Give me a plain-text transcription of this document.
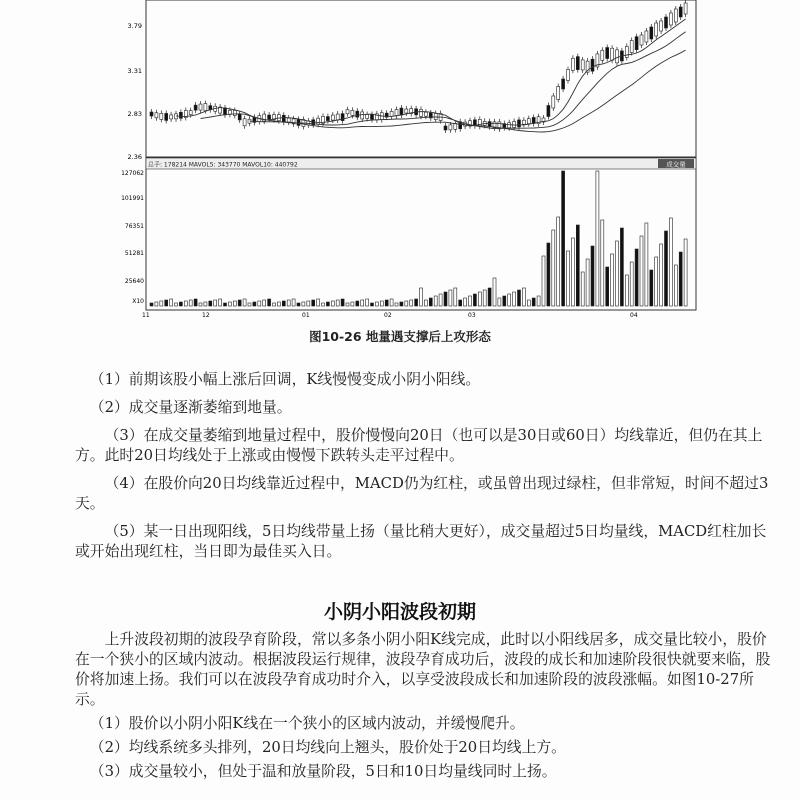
成交量
总手: 178214 MAVOL5: 343770 MAVOL10: 440792
3.79
3.31
2.83
2.36
127062
101991
76351
51281
25640
X10
11	12	01	02	03	04
图10-26 地量遇支撑后上攻形态

（1）前期该股小幅上涨后回调，K线慢慢变成小阴小阳线。

（2）成交量逐渐萎缩到地量。

（3）在成交量萎缩到地量过程中，股价慢慢向20日（也可以是30日或60日）均线靠近，但仍在其上方。此时20日均线处于上涨或由慢慢下跌转头走平过程中。

（4）在股价向20日均线靠近过程中，MACD仍为红柱，或虽曾出现过绿柱，但非常短，时间不超过3天。

（5）某一日出现阳线，5日均线带量上扬（量比稍大更好），成交量超过5日均量线，MACD红柱加长或开始出现红柱，当日即为最佳买入日。

小阴小阳波段初期

上升波段初期的波段孕育阶段，常以多条小阴小阳K线完成，此时以小阳线居多，成交量比较小，股价在一个狭小的区域内波动。根据波段运行规律，波段孕育成功后，波段的成长和加速阶段很快就要来临，股价将加速上扬。我们可以在波段孕育成功时介入，以享受波段成长和加速阶段的波段涨幅。如图10-27所示。

（1）股价以小阴小阳K线在一个狭小的区域内波动，并缓慢爬升。

（2）均线系统多头排列，20日均线向上翘头，股价处于20日均线上方。

（3）成交量较小，但处于温和放量阶段，5日和10日均量线同时上扬。
